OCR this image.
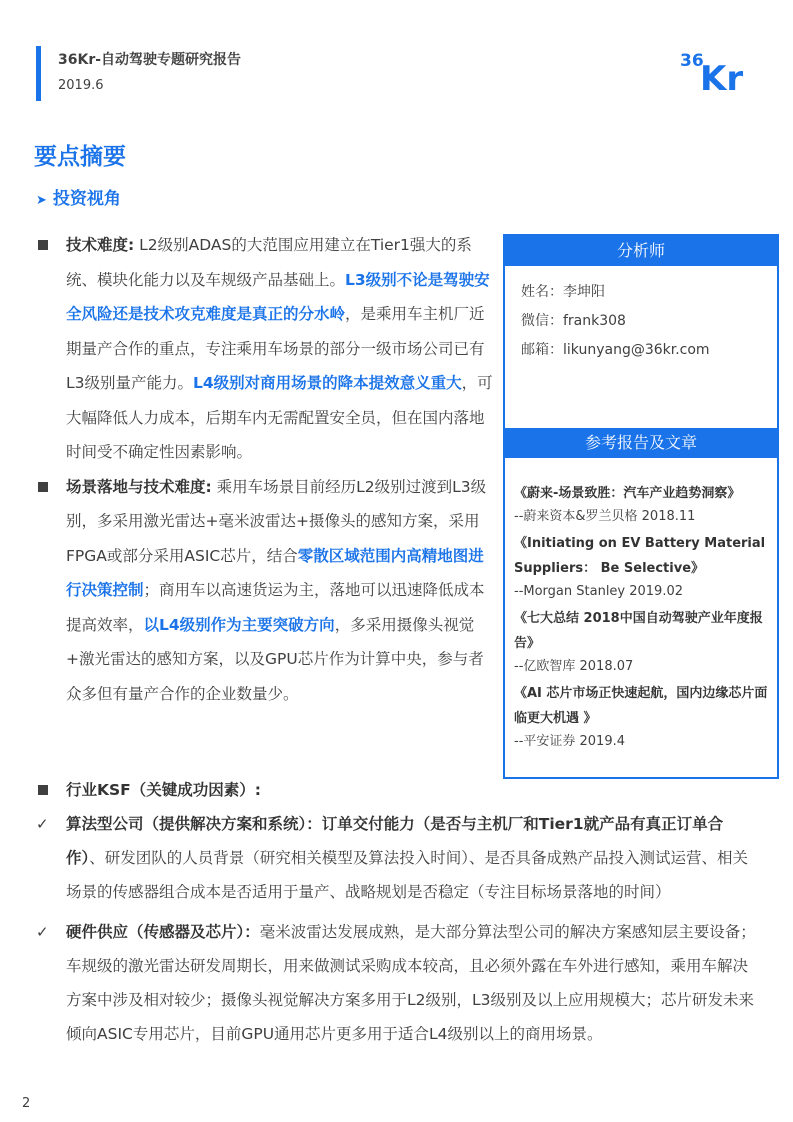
36Kr-自动驾驶专题研究报告
2019.6
36
Kr
要点摘要
➤ 投资视角
技术难度: L2级别ADAS的大范围应用建立在Tier1强大的系统、模块化能力以及车规级产品基础上。L3级别不论是驾驶安全风险还是技术攻克难度是真正的分水岭，是乘用车主机厂近期量产合作的重点，专注乘用车场景的部分一级市场公司已有L3级别量产能力。L4级别对商用场景的降本提效意义重大，可大幅降低人力成本，后期车内无需配置安全员，但在国内落地时间受不确定性因素影响。
场景落地与技术难度: 乘用车场景目前经历L2级别过渡到L3级别，多采用激光雷达+毫米波雷达+摄像头的感知方案，采用FPGA或部分采用ASIC芯片，结合零散区域范围内高精地图进行决策控制；商用车以高速货运为主，落地可以迅速降低成本提高效率，以L4级别作为主要突破方向，多采用摄像头视觉+激光雷达的感知方案，以及GPU芯片作为计算中央，参与者众多但有量产合作的企业数量少。
行业KSF（关键成功因素）:
✓ 算法型公司（提供解决方案和系统）：订单交付能力（是否与主机厂和Tier1就产品有真正订单合作）、研发团队的人员背景（研究相关模型及算法投入时间）、是否具备成熟产品投入测试运营、相关场景的传感器组合成本是否适用于量产、战略规划是否稳定（专注目标场景落地的时间）
✓ 硬件供应（传感器及芯片）：毫米波雷达发展成熟，是大部分算法型公司的解决方案感知层主要设备；车规级的激光雷达研发周期长，用来做测试采购成本较高，且必须外露在车外进行感知，乘用车解决方案中涉及相对较少；摄像头视觉解决方案多用于L2级别，L3级别及以上应用规模大；芯片研发未来倾向ASIC专用芯片，目前GPU通用芯片更多用于适合L4级别以上的商用场景。
分析师
姓名：李坤阳
微信：frank308
邮箱：likunyang@36kr.com
参考报告及文章
《蔚来-场景致胜：汽车产业趋势洞察》
--蔚来资本&罗兰贝格 2018.11
《Initiating on EV Battery Material Suppliers： Be Selective》
--Morgan Stanley 2019.02
《七大总结 2018中国自动驾驶产业年度报告》
--亿欧智库 2018.07
《AI 芯片市场正快速起航，国内边缘芯片面临更大机遇 》
--平安证券 2019.4
2
